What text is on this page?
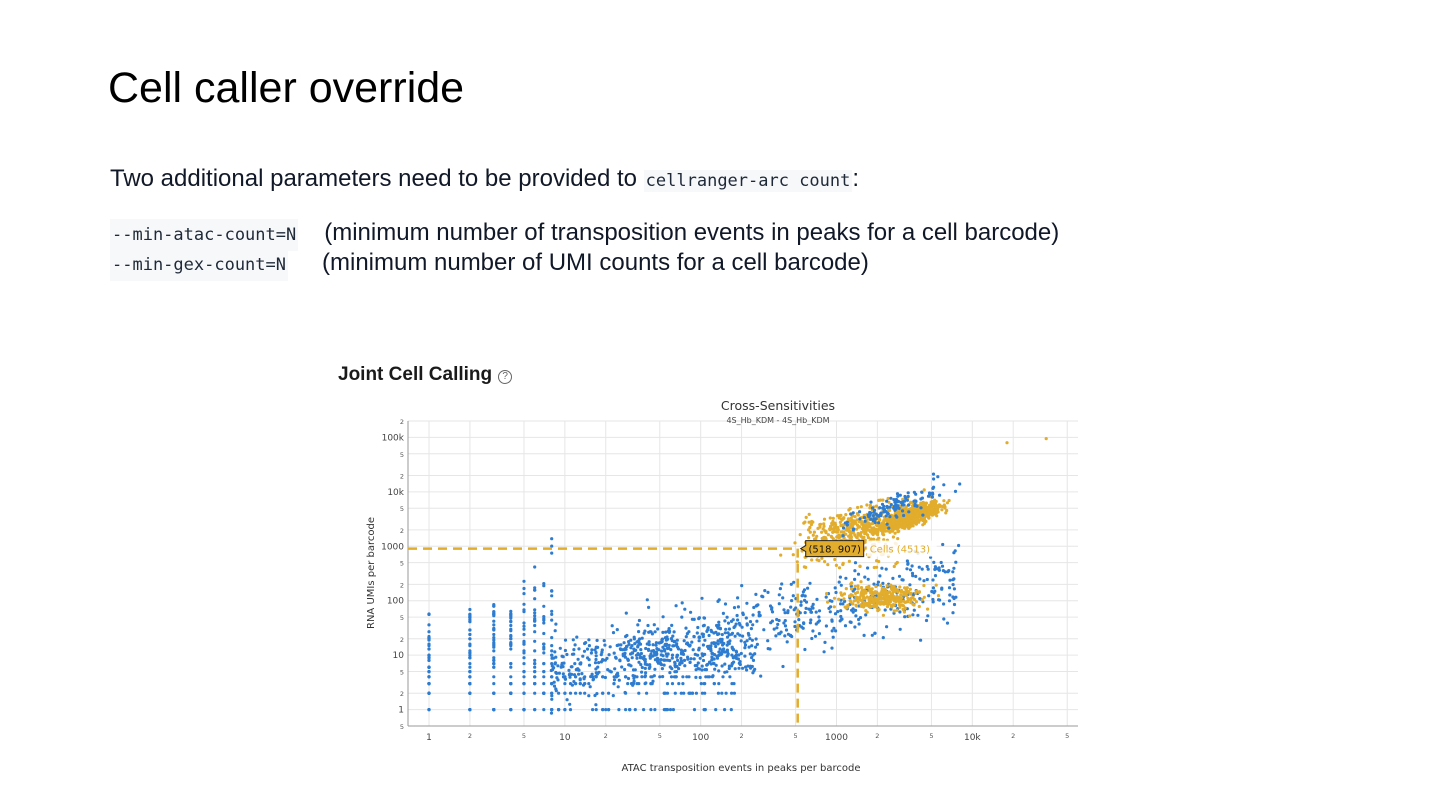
Cell caller override
Two additional parameters need to be provided to cellranger-arc count:
--min-atac-count=N (minimum number of transposition events in peaks for a cell barcode)
--min-gex-count=N (minimum number of UMI counts for a cell barcode)
Joint Cell Calling ?
1	2	5	10	2	5	100	2	5	1000	2	5	10k	2	5
5
1
2
5
10
2
5
100
2
5
1000
2
5
10k
2
5
100k
2
Cross-Sensitivities
4S_Hb_KDM - 4S_Hb_KDM
ATAC transposition events in peaks per barcode
RNA UMIs per barcode	(518, 907) Cells (4513)
